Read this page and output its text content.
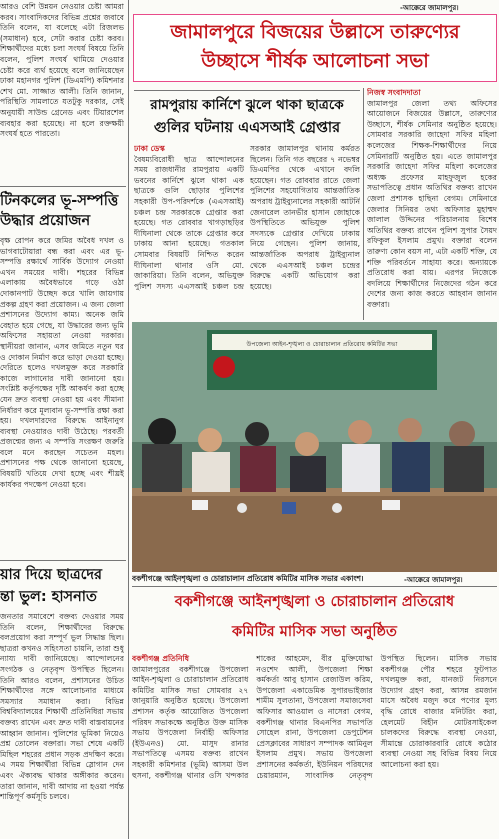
আরও বেশি উন্নয়ন নেওয়ার চেষ্টা আমরা করব। সাংবাদিকদের বিভিন্ন প্রশ্নের জবাবে তিনি বলেন, যা বলেছে এটা রিজলভ (সমাধান) হবে, সেটা করার চেষ্টা করব। শিক্ষার্থীদের মধ্যে চলা সংঘর্ষ বিষয়ে তিনি বলেন, পুলিশ সংঘর্ষ থামিয়ে দেওয়ার চেষ্টা করে ব্যর্থ হয়েছে বলে জানিয়েছেন ঢাকা মহানগর পুলিশ (ডিএমপি) কমিশনার শেখ মো. সাজ্জাত আলী। তিনি জানান, পরিস্থিতি সামলাতে যতটুকু দরকার, সেই অনুযায়ী সাউন্ড গ্রেনেড এবং টিয়ারশেল ব্যবহার করা হয়েছে। না হলে রক্তক্ষয়ী সংঘর্ষ হতে পারতো।

টিনকলের ভূ-সম্পত্তি
উদ্ধার প্রয়োজন

বৃক্ষ রোপন করে জমির অবৈধ দখল ও ভাগবাটোয়ারা বন্ধ করা এবং এর ভূ-সম্পত্তি রক্ষার্থে সার্বিক উদ্যোগ নেওয়া এখন সময়ের দাবী। শহরের বিভিন্ন এলাকায় অবৈধভাবে গড়ে ওঠা দোকানপাট উচ্ছেদ করে খালি জায়গায় প্রকল্প গ্রহণ করা প্রয়োজন। এ জন্য জেলা প্রশাসনের উদ্যোগ কাম্য। অনেক জমি বেহাত হয়ে গেছে, যা উদ্ধারের জন্য ভূমি অফিসের সহায়তা নেওয়া দরকার। স্থানীয়রা জানান, এসব জমিতে নতুন ঘর ও দোকান নির্মাণ করে ভাড়া দেওয়া হচ্ছে। দেরিতে হলেও দখলমুক্ত করে সরকারি কাজে লাগানোর দাবী জানানো হয়। সংশ্লিষ্ট কর্তৃপক্ষের দৃষ্টি আকর্ষণ করা হচ্ছে যেন দ্রুত ব্যবস্থা নেওয়া হয় এবং সীমানা নির্ধারণ করে মূল্যবান ভূ-সম্পত্তি রক্ষা করা হয়। দখলদারদের বিরুদ্ধে আইনানুগ ব্যবস্থা নেওয়ারও দাবী উঠেছে। পরবর্তী প্রজন্মের জন্য এ সম্পত্তি সংরক্ষণ জরুরি বলে মনে করছেন সচেতন মহল। প্রশাসনের পক্ষ থেকে জানানো হয়েছে, বিষয়টি খতিয়ে দেখা হচ্ছে এবং শীঘ্রই কার্যকর পদক্ষেপ নেওয়া হবে।

য়ার দিয়ে ছাত্রদের
ন্তা ভুল: হাসনাত

জনতার সমাবেশে বক্তব্য দেওয়ার সময় তিনি বলেন, শিক্ষার্থীদের বিরুদ্ধে বলপ্রয়োগ করা সম্পূর্ণ ভুল সিদ্ধান্ত ছিল। ছাত্ররা কখনও সহিংসতা চায়নি, তারা শুধু ন্যায্য দাবী জানিয়েছে। আন্দোলনের সংগঠক ও নেতৃবৃন্দ উপস্থিত ছিলেন। তিনি আরও বলেন, প্রশাসনের উচিত শিক্ষার্থীদের সঙ্গে আলোচনার মাধ্যমে সমস্যার সমাধান করা। বিভিন্ন বিশ্ববিদ্যালয়ের শিক্ষার্থী প্রতিনিধিরা সভায় বক্তব্য রাখেন এবং দ্রুত দাবী বাস্তবায়নের আহ্বান জানান। পুলিশের ভূমিকা নিয়েও প্রশ্ন তোলেন বক্তারা। সভা শেষে একটি মিছিল শহরের প্রধান সড়ক প্রদক্ষিণ করে। এ সময় শিক্ষার্থীরা বিভিন্ন স্লোগান দেন এবং ঐক্যবদ্ধ থাকার অঙ্গীকার করেন। তারা জানান, দাবী আদায় না হওয়া পর্যন্ত শান্তিপূর্ণ কর্মসূচি চলবে।

-আক্কেরে জামালপুর।
জামালপুরে বিজয়ের উল্লাসে তারুণ্যের
উচ্ছাসে শীর্ষক আলোচনা সভা
রামপুরায় কার্নিশে ঝুলে থাকা ছাত্রকে
গুলির ঘটনায় এএসআই গ্রেপ্তার

ঢাকা ডেস্ক
বৈষম্যবিরোধী ছাত্র আন্দোলনের সময় রাজধানীর রামপুরায় একটি ভবনের কার্নিশে ঝুলে থাকা এক ছাত্রকে গুলি ছোড়ার পুলিশের সহকারী উপ-পরিদর্শকে (এএসআই) চঞ্চল চন্দ্র সরকারকে গ্রেপ্তার করা হয়েছে। গত রোববার খাগড়াছড়ির দীঘিনালা থেকে তাকে গ্রেপ্তার করে ঢাকায় আনা হয়েছে। গতকাল সোমবার বিষয়টি নিশ্চিত করেন দীঘিনালা থানার ওসি মো. জাকারিয়া। তিনি বলেন, অভিযুক্ত পুলিশ সদস্য এএসআই চঞ্চল চন্দ্র সরকার জামালপুর থানায় কর্মরত ছিলেন। তিনি গত বছরের ৭ নভেম্বর ডিএমপির থেকে এখানে বদলি হয়েছেন। গত রোববার রাতে জেলা পুলিশের সহযোগিতায় আন্তর্জাতিক অপরাধ ট্রাইব্যুনালের সহকারী আটর্নি জেনারেল তানভীর হাসান জোহাকে উপস্থিতিতে অভিযুক্ত পুলিশ সদস্যকে গ্রেপ্তার দেখিয়ে ঢাকায় নিয়ে গেছেন। পুলিশ জানায়, আন্তর্জাতিক অপরাধ ট্রাইব্যুনাল থেকে এএসআই চঞ্চল চন্দ্রের বিরুদ্ধে একটি অভিযোগ করা হয়েছে।

নিজস্ব সংবাদদাতা
জামালপুর জেলা তথ্য অফিসের আয়োজনে বিজয়ের উল্লাসে, তারুণ্যের উচ্ছাসে, শীর্ষক সেমিনার অনুষ্ঠিত হয়েছে। সোমবার সরকারি জাহেদা সফির মহিলা কলেজের শিক্ষক-শিক্ষার্থীদের নিয়ে সেমিনারটি অনুষ্ঠিত হয়। এতে জামালপুর সরকারি জাহেদা সফির মহিলা কলেজের অধ্যক্ষ প্রফেসর মাহফুজুল হকের সভাপতিত্বে প্রধান অতিথির বক্তব্য রাখেন জেলা প্রশাসক হাছিনা বেগম। সেমিনারে জেলার সিনিয়র তথ্য অফিসার মুহাম্মদ জালাল উদ্দিনের পরিচালনায় বিশেষ অতিথির বক্তব্য রাখেন পুলিশ সুপার সৈয়দ রফিকুল ইসলাম প্রমুখ। বক্তারা বলেন তারুণ্য কোন বয়স না, এটা একটি শক্তি, যে শক্তি পরিবর্তনে সাহায্য করে। অন্যায়কে প্রতিরোধ করা যায়। এরপর নিজেকে বদলিয়ে শিক্ষার্থীদের নিজেদের গঠন করে দেশের জন্য কাজ করতে আহবান জানান বক্তারা।

উপজেলা আইন-শৃঙ্খলা ও চোরাচালান প্রতিরোধ কমিটির সভা
বকশীগঞ্জে আইনশৃঙ্খলা ও চোরাচালান প্রতিরোধ কমিটির মাসিক সভার একাংশ।	-আক্কেরে জামালপুর।
বকশীগঞ্জে আইনশৃঙ্খলা ও চোরাচালান প্রতিরোধ
কমিটির মাসিক সভা অনুষ্ঠিত

বকশীগঞ্জ প্রতিনিধি
জামালপুরের বকশীগঞ্জে উপজেলা আইন-শৃঙ্খলা ও চোরাচালান প্রতিরোধ কমিটির মাসিক সভা সোমবার ২৭ জানুয়ারি অনুষ্ঠিত হয়েছে। উপজেলা প্রশাসন কর্তৃক আয়োজিত উপজেলা পরিষদ সভাকক্ষে অনুষ্ঠিত উক্ত মাসিক সভায় উপজেলা নির্বাহী অফিসার (ইউএনও) মো. মাসুদ রানার সভাপতিত্বে এসময় বক্তব্য রাখেন সহকারী কমিশনার (ভূমি) আসমা উল হুসনা, বকশীগঞ্জ থানার ওসি খন্দকার শাকের আহমেদ, বীর মুক্তিযোদ্ধা নওশেদ আলী, উপজেলা শিক্ষা কর্মকর্তা আবু হাসান রেজাউল করিম, উপজেলা একাডেমিক সুপারভাইজার শামীম সুলতানা, উপজেলা সমাজসেবা অফিসার আওয়াল ও নাসেরা বেগম, বকশীগঞ্জ থানার বিএনপির সভাপতি সোহেল রানা, উপজেলা ডেপুটেশন প্রেসক্লাবের সাধারণ সম্পাদক আমিনুল ইসলাম প্রমুখ। সভায় উপজেলা প্রশাসনের কর্মকর্তা, ইউনিয়ন পরিষদের চেয়ারম্যান, সাংবাদিক নেতৃবৃন্দ উপস্থিত ছিলেন। মাসিক সভায় বকশীগঞ্জ পৌর শহরে ফুটপাত দখলমুক্ত করা, যানজট নিরসনে উদ্যোগ গ্রহণ করা, আসন্ন রমজান মাসে অবৈধ মজুদ করে পণ্যের মূল্য বৃদ্ধি রোধে বাজার মনিটরিং করা, হেলমেট বিহীন মোটরসাইকেল চালকদের বিরুদ্ধে ব্যবস্থা নেওয়া, সীমান্তে চোরাকারবারি রোধে কঠোর ব্যবস্থা নেওয়া সহ বিভিন্ন বিষয় নিয়ে আলোচনা করা হয়।
